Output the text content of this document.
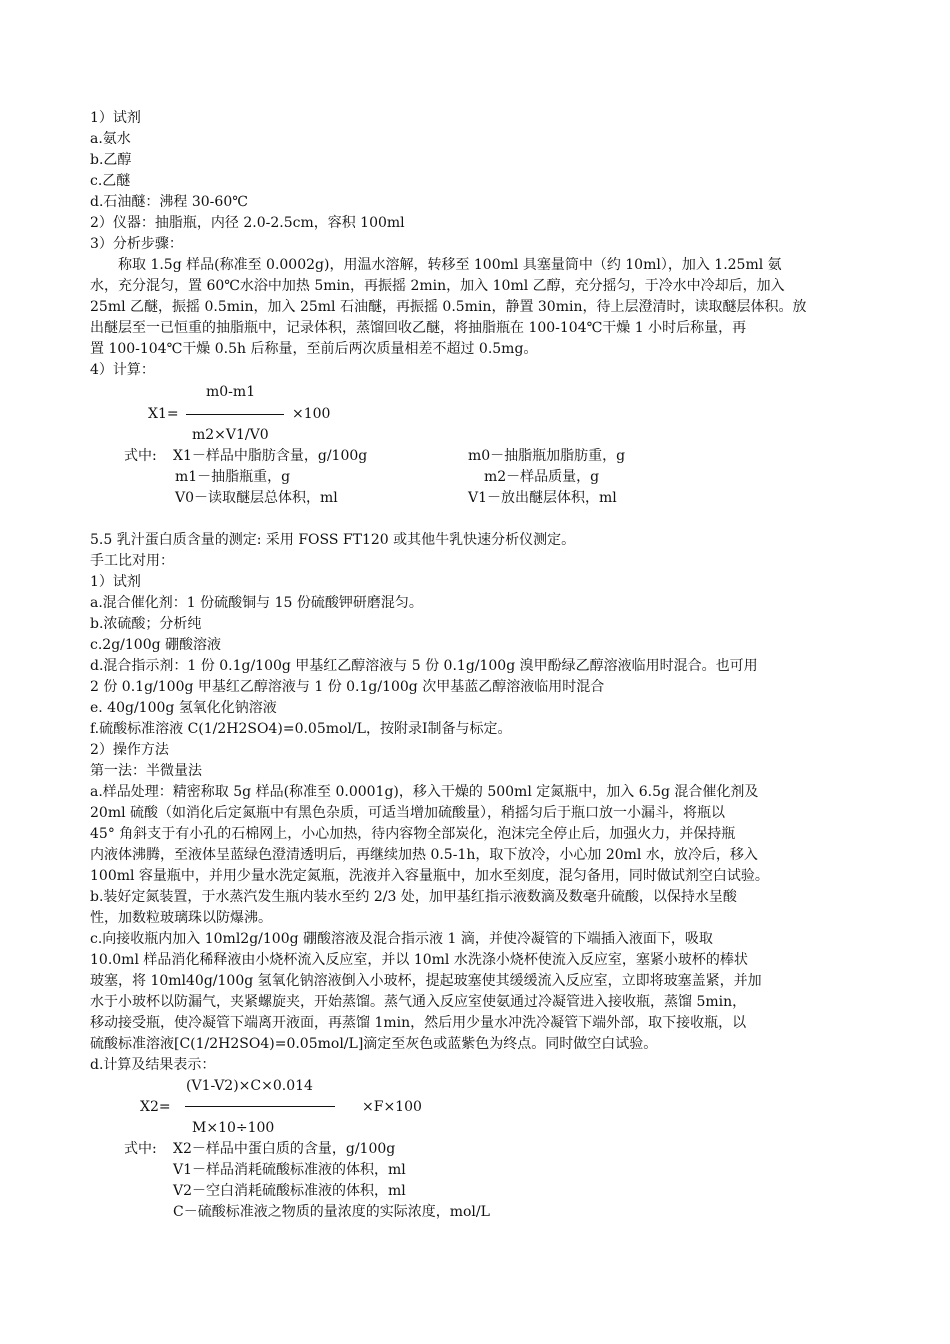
1）试剂
a.氨水
b.乙醇
c.乙醚
d.石油醚：沸程 30-60℃
2）仪器：抽脂瓶，内径 2.0-2.5cm，容积 100ml
3）分析步骤：
称取 1.5g 样品(称准至 0.0002g)，用温水溶解，转移至 100ml 具塞量筒中（约 10ml），加入 1.25ml 氨
水，充分混匀，置 60℃水浴中加热 5min，再振摇 2min，加入 10ml 乙醇，充分摇匀，于冷水中冷却后，加入
25ml 乙醚，振摇 0.5min，加入 25ml 石油醚，再振摇 0.5min，静置 30min，待上层澄清时，读取醚层体积。放
出醚层至一已恒重的抽脂瓶中，记录体积，蒸馏回收乙醚，将抽脂瓶在 100-104℃干燥 1 小时后称量，再
置 100-104℃干燥 0.5h 后称量，至前后两次质量相差不超过 0.5mg。
4）计算：
m0-m1
X1=	×100
m2×V1/V0
式中: X1－样品中脂肪含量，g/100g
m1－抽脂瓶重，g
V0－读取醚层总体积，ml
m0－抽脂瓶加脂肪重，g
m2－样品质量，g
V1－放出醚层体积，ml
5.5 乳汁蛋白质含量的测定: 采用 FOSS FT120 或其他牛乳快速分析仪测定。
手工比对用：
1）试剂
a.混合催化剂：1 份硫酸铜与 15 份硫酸钾研磨混匀。
b.浓硫酸；分析纯
c.2g/100g 硼酸溶液
d.混合指示剂：1 份 0.1g/100g 甲基红乙醇溶液与 5 份 0.1g/100g 溴甲酚绿乙醇溶液临用时混合。也可用
2 份 0.1g/100g 甲基红乙醇溶液与 1 份 0.1g/100g 次甲基蓝乙醇溶液临用时混合
e. 40g/100g 氢氧化化钠溶液
f.硫酸标准溶液 C(1/2H2SO4)=0.05mol/L，按附录Ⅰ制备与标定。
2）操作方法
第一法：半微量法
a.样品处理：精密称取 5g 样品(称准至 0.0001g)，移入干燥的 500ml 定氮瓶中，加入 6.5g 混合催化剂及
20ml 硫酸（如消化后定氮瓶中有黑色杂质，可适当增加硫酸量），稍摇匀后于瓶口放一小漏斗，将瓶以
45° 角斜支于有小孔的石棉网上，小心加热，待内容物全部炭化，泡沫完全停止后，加强火力，并保持瓶
内液体沸腾，至液体呈蓝绿色澄清透明后，再继续加热 0.5-1h，取下放冷，小心加 20ml 水，放冷后，移入
100ml 容量瓶中，并用少量水洗定氮瓶，洗液并入容量瓶中，加水至刻度，混匀备用，同时做试剂空白试验。
b.装好定氮装置，于水蒸汽发生瓶内装水至约 2/3 处，加甲基红指示液数滴及数毫升硫酸，以保持水呈酸
性，加数粒玻璃珠以防爆沸。
c.向接收瓶内加入 10ml2g/100g 硼酸溶液及混合指示液 1 滴，并使冷凝管的下端插入液面下，吸取
10.0ml 样品消化稀释液由小烧杯流入反应室，并以 10ml 水洗涤小烧杯使流入反应室，塞紧小玻杯的棒状
玻塞，将 10ml40g/100g 氢氧化钠溶液倒入小玻杯，提起玻塞使其缓缓流入反应室，立即将玻塞盖紧，并加
水于小玻杯以防漏气，夹紧螺旋夹，开始蒸馏。蒸气通入反应室使氨通过冷凝管进入接收瓶，蒸馏 5min，
移动接受瓶，使冷凝管下端离开液面，再蒸馏 1min，然后用少量水冲洗冷凝管下端外部，取下接收瓶，以
硫酸标准溶液[C(1/2H2SO4)=0.05mol/L]滴定至灰色或蓝紫色为终点。同时做空白试验。
d.计算及结果表示：
(V1-V2)×C×0.014
X2=	×F×100
M×10÷100
式中: X2－样品中蛋白质的含量，g/100g
V1－样品消耗硫酸标准液的体积，ml
V2－空白消耗硫酸标准液的体积，ml
C－硫酸标准液之物质的量浓度的实际浓度，mol/L
